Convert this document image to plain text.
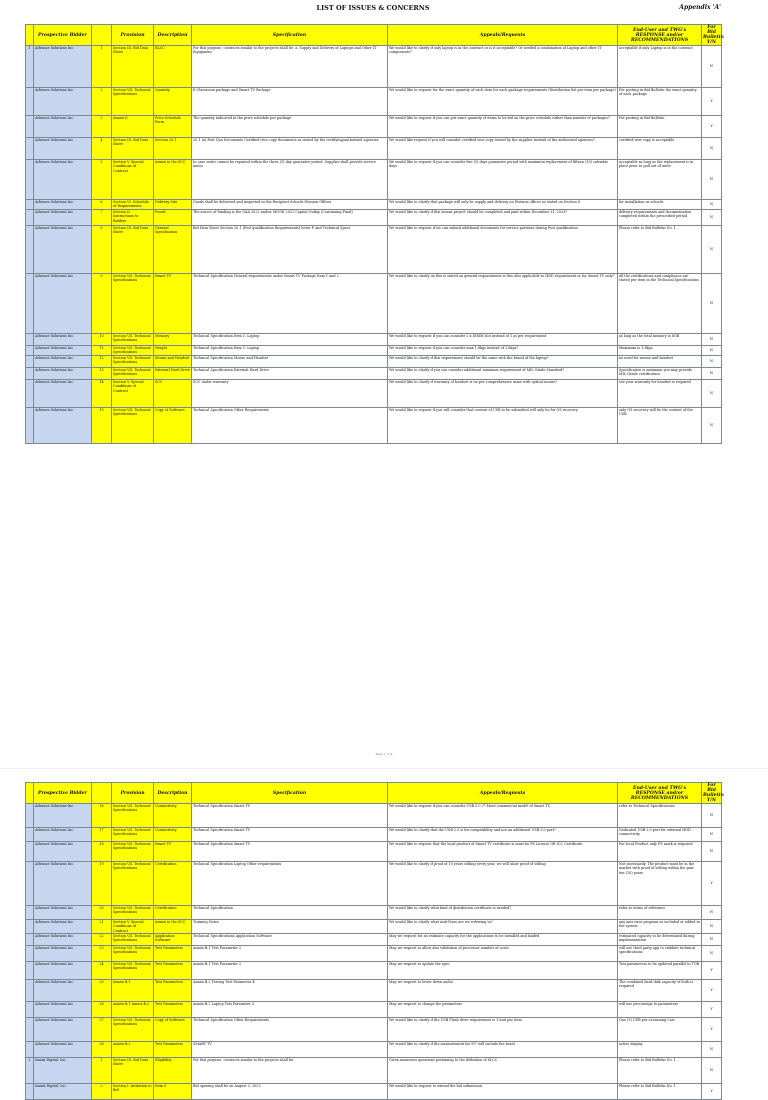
LIST OF ISSUES & CONCERNS	Appendix 'A'
	Prospective Bidder		Provision	Description	Specification	Appeals/Requests	End-User and TWG's RESPONSE and/or RECOMMENDATIONS	For Bid Bulletin Y/N
1	Advance Solutions Inc.	1	Section III. Bid Data Sheet	BLCC	For this purpose, contracts similar to the projects shall be: a. Supply and Delivery of Laptops and Other IT Equipment	We would like to clarify if only laptop is in the contract or is it acceptable? Or needed a combination of Laptop and other IT components?	acceptable if only Laptop is in the contract	N
	Advance Solutions Inc.	2	Section VII. Technical Specifications	Quantity	E-Classroom package and Smart TV Package	We would like to request for the exact quantity of each item for each package requirements (Distribution list per item per package)	For posting in Bid Bulletin the exact quantity of each package	Y
	Advance Solutions Inc.	3	Annex D	Price Schedule Form	The quantity indicated in the price schedule per package	We would like to request if you can put exact quantity of items to be bid on the price schedule rather than number of packages?	For posting in Bid Bulletin	Y
	Advance Solutions Inc.	4	Section III. Bid Data Sheet	Section 20.1	20.1 (a) Post Qua Documents Certified true copy documents as issued by the certifying/authorized agencies	We would like request if you will consider certified true copy issued by the supplier instead of the authorized agencies?	certified true copy is acceptable	N
	Advance Solutions Inc.	5	Section V. Special Conditions of Contract	Annex to the SCC	In case unit/s cannot be repaired within the three (3) day guarantee period, Supplier shall provide service unit/s	We would like to request if you can consider five (5) days guarantee period with maximum replacement of fifteen (15) calendar days	acceptable as long as the replacement is in place prior to pull out of units	N
	Advance Solutions Inc.	6	Section VI. Schedule of Requirements	Delivery Site	Goods shall be delivered and inspected at the Recipient Schools Division Offices	We would like to clarify that package will only be supply and delivery on Division offices as stated on Section 6	for installation on schools	N
	Advance Solutions Inc.	7	Section II. Instructions to Bidders	Funds	The source of funding is the GAA 2022 and/or MOOE 2022 Capital Outlay (Continuing Fund)	We would like to clarify if this means project should be completed and paid within December 31, 2023?	delivery requirements and documentation completed within the prescribed period	N
	Advance Solutions Inc.	8	Section III. Bid Data Sheet	General Specification	Bid Data Sheet Section 20.1 (Post qualification Requirements) letter F and Technical Specs	We would like to request if we can submit additional documents for service partners during Post qualification	Please refer to Bid Bulletin No. 1	N
	Advance Solutions Inc.	9	Section VII. Technical Specifications	Smart TV	Technical Specification General requirements under Smart TV Package Item 1 and 2	We would like to clarify on this is stated on general requirements is this also applicable to HDD requirement or for Smart TV only?	all the certifications and compliance are stated per item in the Technical Specifications	N
	Advance Solutions Inc.	10	Section VII. Technical Specifications	Memory	Technical Specification Item 1: Laptop	We would like to request if you can consider 2 x DIMM slot instead of 1 as per requirement	as long as the total memory is 8GB	N
	Advance Solutions Inc.	11	Section VII. Technical Specifications	Weight	Technical Specification Item 1: Laptop	We would like to request if you can consider max 1.8kgs instead of 1.6kgs?	Maximum is 1.8kgs	N
	Advance Solutions Inc.	12	Section VII. Technical Specifications	Mouse and Headset	Technical Specification Mouse and Headset	We would like to clarify if this requirement should be the same with the brand of the laptop?	no need for mouse and headset	N
	Advance Solutions Inc.	13	Section VII. Technical Specifications	External Hard Drive	Technical Specification External Hard Drive	We would like to clarify if you can consider additional minimum requirement of MIL-Grade Standard?	Specification is minimum you may provide MIL-Grade certification	N
	Advance Solutions Inc.	14	Section V. Special Conditions of Contract	SCC	SCC under warranty	We would like to clarify if warranty of headset is on per comprehensive same with optical mouse?	see your warranty for headset is required	N
	Advance Solutions Inc.	15	Section VII. Technical Specifications	Copy of Software	Technical Specification Other Requirements	We would like to request if you will consider that content of USB to be submitted will only be for OS recovery	only OS recovery will be the content of the USB	N
Page 1 of 4
	Prospective Bidder		Provision	Description	Specification	Appeals/Requests	End-User and TWG's RESPONSE and/or RECOMMENDATIONS	For Bid Bulletin Y/N
	Advance Solutions Inc.	16	Section VII. Technical Specifications	Connectivity	Technical Specification Smart TV	We would like to request if you can consider USB 3.0 2* More commercial model of Smart TV	refer to Technical Specifications	N
	Advance Solutions Inc.	17	Section VII. Technical Specifications	Connectivity	Technical Specification Smart TV	We would like to clarify that the USB 2.0 is for compatibility and not an additional USB 3.0 port?	Dedicated USB 2.0 port for external HDD connectivity	N
	Advance Solutions Inc.	18	Section VII. Technical Specifications	Smart TV	Technical Specification Smart TV	We would like to request that the local product of Smart TV certificate is must be PS License OR ICC Certificate	For local Product only PS mark is required	N
	Advance Solutions Inc.	19	Section VII. Technical Specifications	Certification	Technical Specification Laptop Other requirements	We would like to clarify if proof of 10 years selling every year, we will show proof of selling	Not necessarily. The product must be in the market with proof of selling within the past ten (10) years	Y
	Advance Solutions Inc.	20	Section VII. Technical Specifications	Certification	Technical Specification	We would like to clarify what kind of distribution certificate is needed?	refer to terms of reference	N
	Advance Solutions Inc.	21	Section V. Special Conditions of Contract	Annex to the SCC	Training Notes	We would like to clarify what Anti-Virus are we referring to?	any anti virus program as included or added in the system	N
	Advance Solutions Inc.	22	Section VII. Technical Specifications	Application Software	Technical Specifications Application Software	May we request for an estimate capacity for the applications to be installed and loaded	estimated capacity to be determined during implementation	N
	Advance Solutions Inc.	23	Section VII. Technical Specifications	Test Parameters	Annex B.1 Test Parameter 2	May we request to allow also validation of processor number of cores	will use third party app to validate technical specifications	N
	Advance Solutions Inc.	24	Section VII. Technical Specifications	Test Parameters	Annex B.1 Test Parameter 2	May we request to update the spec	Test parameters to be updated parallel to TOR	Y
	Advance Solutions Inc.	25	Annex B.1	Test Parameters	Annex B.2 Testing Test Parameter 4	May we request to lower down audio	The combined hard disk capacity of both is required	Y
	Advance Solutions Inc.	26	Annex B.1 Annex B.2	Test Parameters	Annex B.2 Laptop Test Parameter 3	May we request to change the parameters	will use percentage to parameters	Y
	Advance Solutions Inc.	27	Section VII. Technical Specifications	Copy of Software	Technical Specification Other Requirements	We would like to clarify if the USB Flash drive requirement is 1 unit per item	One (1) USB per eLearning Cart	Y
	Advance Solutions Inc.	28	Annex B.2	Test Parameters	SMART TV	We would like to clarify if the measurement for 55" will include the bezel	active display	N
2	Imaxx Digital, Inc.	1	Section III. Bid Data Sheet	Eligibility	For this purpose, contracts similar to the projects shall be:	Given numerous questions pertaining to the definition of SLCC	Please refer to Bid Bulletin No. 1	N
	Imaxx Digital, Inc.	2	Section I. Invitation to Bid	Item 9	Bid opening shall be on August 3, 2023	We would like to request to extend the bid submission	Please refer to Bid Bulletin No. 1	Y
